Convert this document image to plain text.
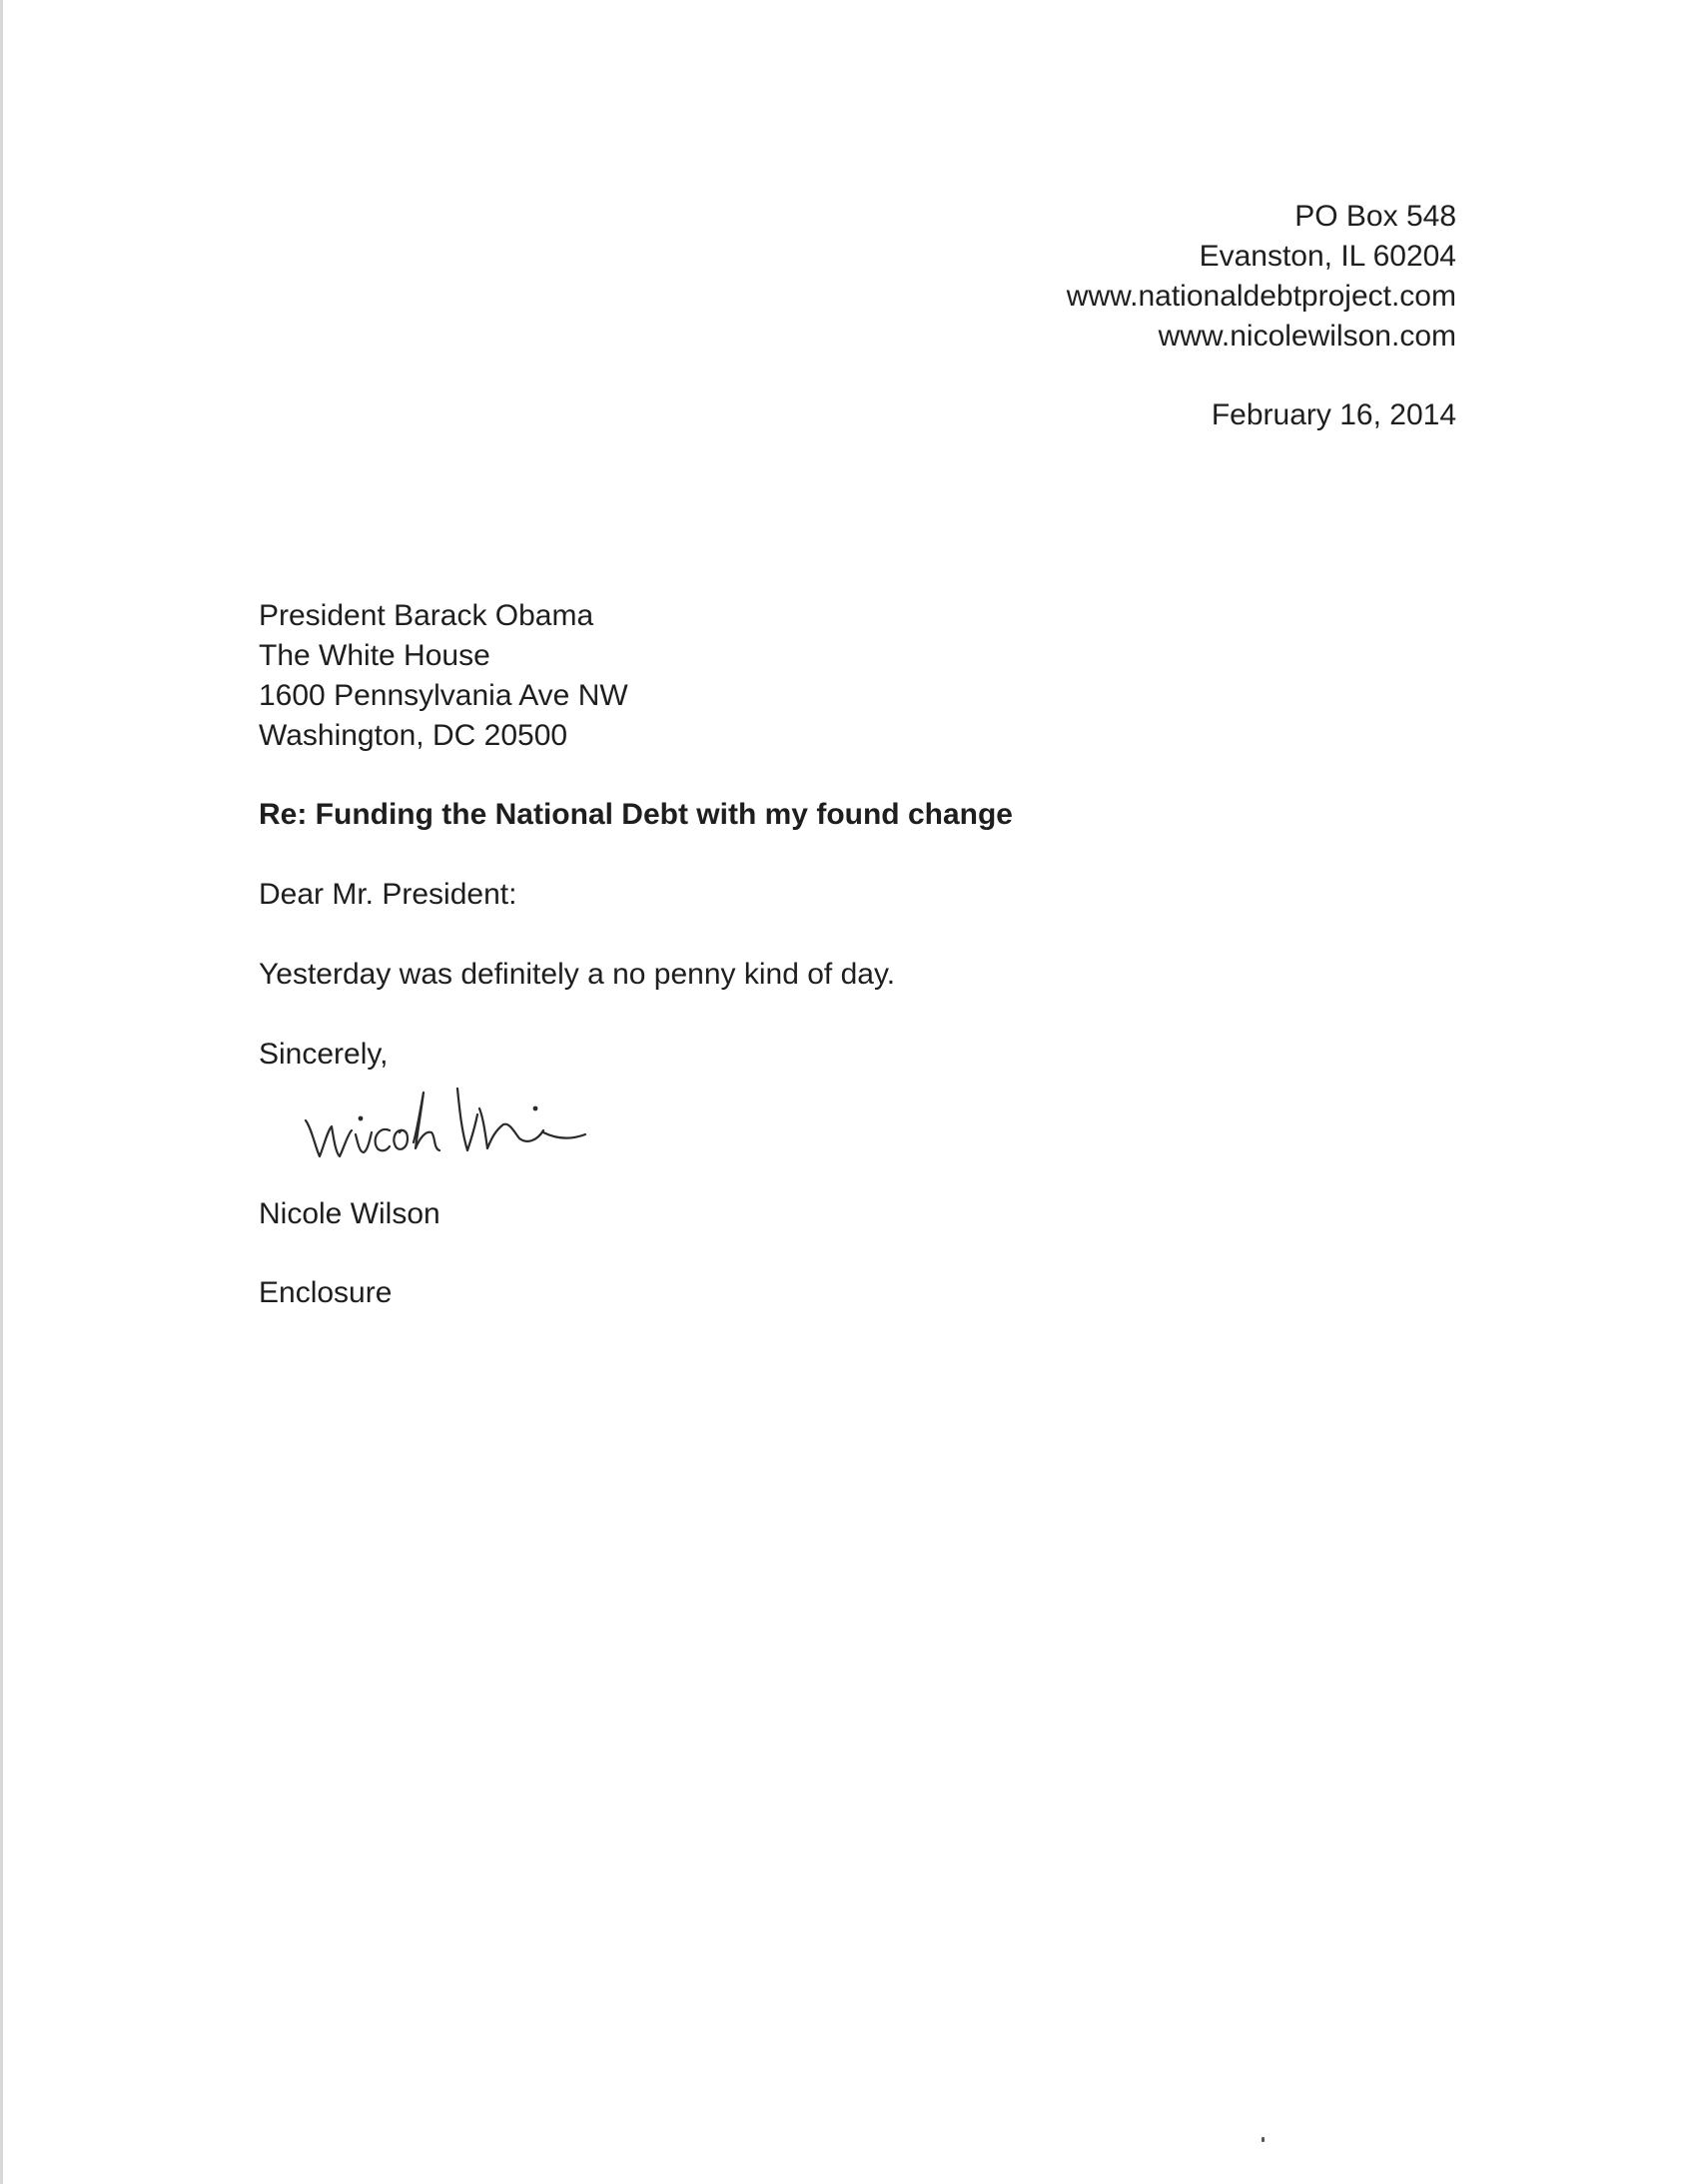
PO Box 548

Evanston, IL 60204

www.nationaldebtproject.com

www.nicolewilson.com

February 16, 2014

President Barack Obama

The White House

1600 Pennsylvania Ave NW

Washington, DC 20500

Re: Funding the National Debt with my found change

Dear Mr. President:

Yesterday was definitely a no penny kind of day.

Sincerely,

Nicole Wilson

Enclosure
